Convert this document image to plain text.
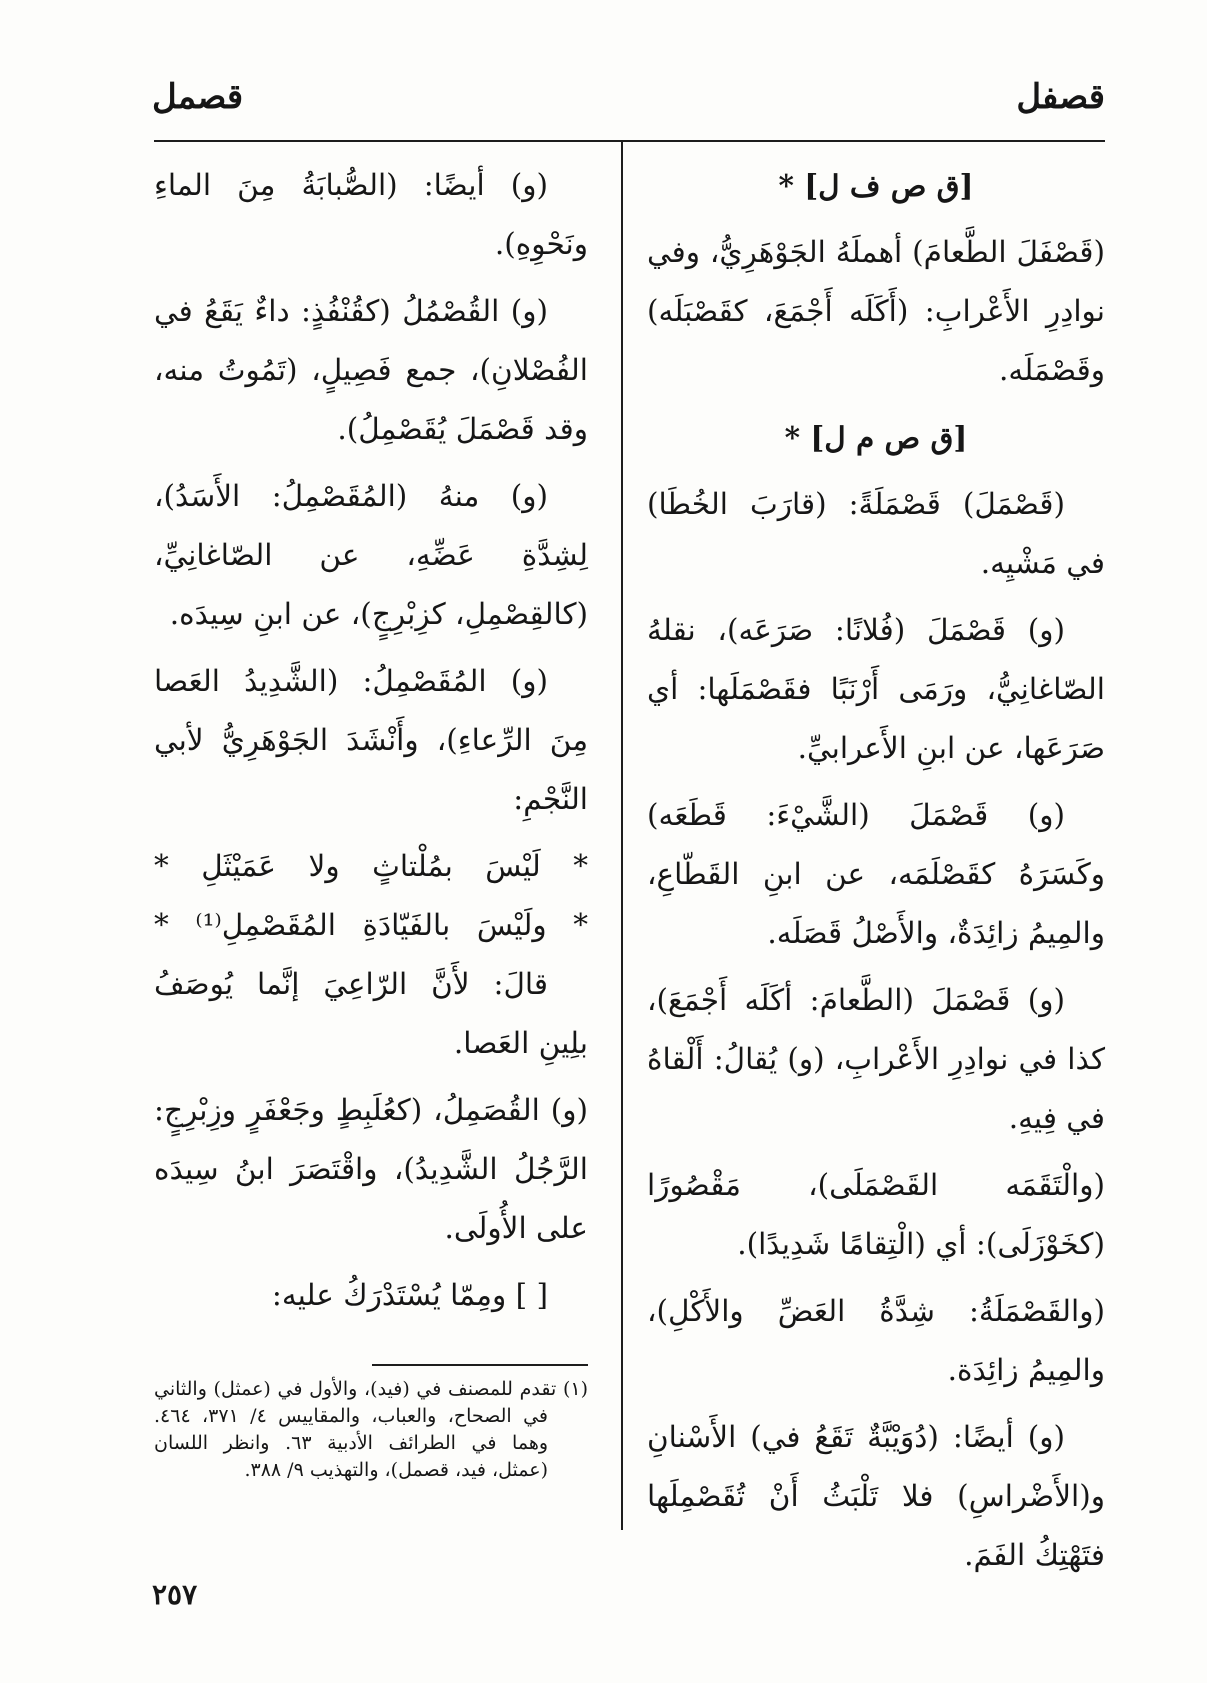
قصفل
قصمل

[ق ص ف ل] *

(قَصْفَلَ الطَّعامَ) أهملَهُ الجَوْهَرِيُّ، وفي نوادِرِ الأَعْرابِ: (أَكَلَه أَجْمَعَ، كقَصْبَلَه) وقَصْمَلَه.

[ق ص م ل] *

(قَصْمَلَ) قَصْمَلَةً: (قارَبَ الخُطَا) في مَشْيِه.

(و) قَصْمَلَ (فُلانًا: صَرَعَه)، نقلهُ الصّاغانِيُّ، ورَمَى أَرْنَبًا فقَصْمَلَها: أي صَرَعَها، عن ابنِ الأَعرابيِّ.

(و) قَصْمَلَ (الشَّيْءَ: قَطَعَه) وكَسَرَهُ كقَصْلَمَه، عن ابنِ القَطّاعِ، والمِيمُ زائِدَةٌ، والأَصْلُ قَصَلَه.

(و) قَصْمَلَ (الطَّعامَ: أكَلَه أَجْمَعَ)، كذا في نوادِرِ الأَعْرابِ، (و) يُقالُ: أَلْقاهُ في فِيهِ.

(والْتَقَمَه القَصْمَلَى)، مَقْصُورًا (كخَوْزَلَى): أي (الْتِقامًا شَدِيدًا).

(والقَصْمَلَةُ: شِدَّةُ العَضِّ والأَكْلِ)، والمِيمُ زائِدَة.

(و) أيضًا: (دُوَيْبَّةٌ تَقَعُ في) الأَسْنانِ و(الأَضْراسِ) فلا تَلْبَثُ أَنْ تُقَصْمِلَها فتَهْتِكُ الفَمَ.

(و) أيضًا: (الصُّبابَةُ مِنَ الماءِ ونَحْوِهِ).

(و) القُصْمُلُ (كقُنْفُذٍ: داءٌ يَقَعُ في الفُصْلانِ)، جمع فَصِيلٍ، (تَمُوتُ منه، وقد قَصْمَلَ يُقَصْمِلُ).

(و) منهُ (المُقَصْمِلُ: الأَسَدُ)، لِشِدَّةِ عَضِّهِ، عن الصّاغانِيِّ، (كالقِصْمِلِ، كزِبْرِجٍ)، عن ابنِ سِيدَه.

(و) المُقَصْمِلُ: (الشَّدِيدُ العَصا مِنَ الرِّعاءِ)، وأَنْشَدَ الجَوْهَرِيُّ لأبي النَّجْمِ:

* لَيْسَ بمُلْتاثٍ ولا عَمَيْثَلِ *

* ولَيْسَ بالفَيّادَةِ المُقَصْمِلِ⁽¹⁾ *

قالَ: لأَنَّ الرّاعِيَ إنَّما يُوصَفُ بلِينِ العَصا.

(و) القُصَمِلُ، (كعُلَبِطٍ وجَعْفَرٍ وزِبْرِجٍ: الرَّجُلُ الشَّدِيدُ)، واقْتَصَرَ ابنُ سِيدَه على الأُولَى.

[ ] ومِمّا يُسْتَدْرَكُ عليه:

(١) تقدم للمصنف في (فيد)، والأول في (عمثل) والثاني في الصحاح، والعباب، والمقاييس ٤/ ٣٧١، ٤٦٤. وهما في الطرائف الأدبية ٦٣. وانظر اللسان (عمثل، فيد، قصمل)، والتهذيب ٩/ ٣٨٨.

٢٥٧
